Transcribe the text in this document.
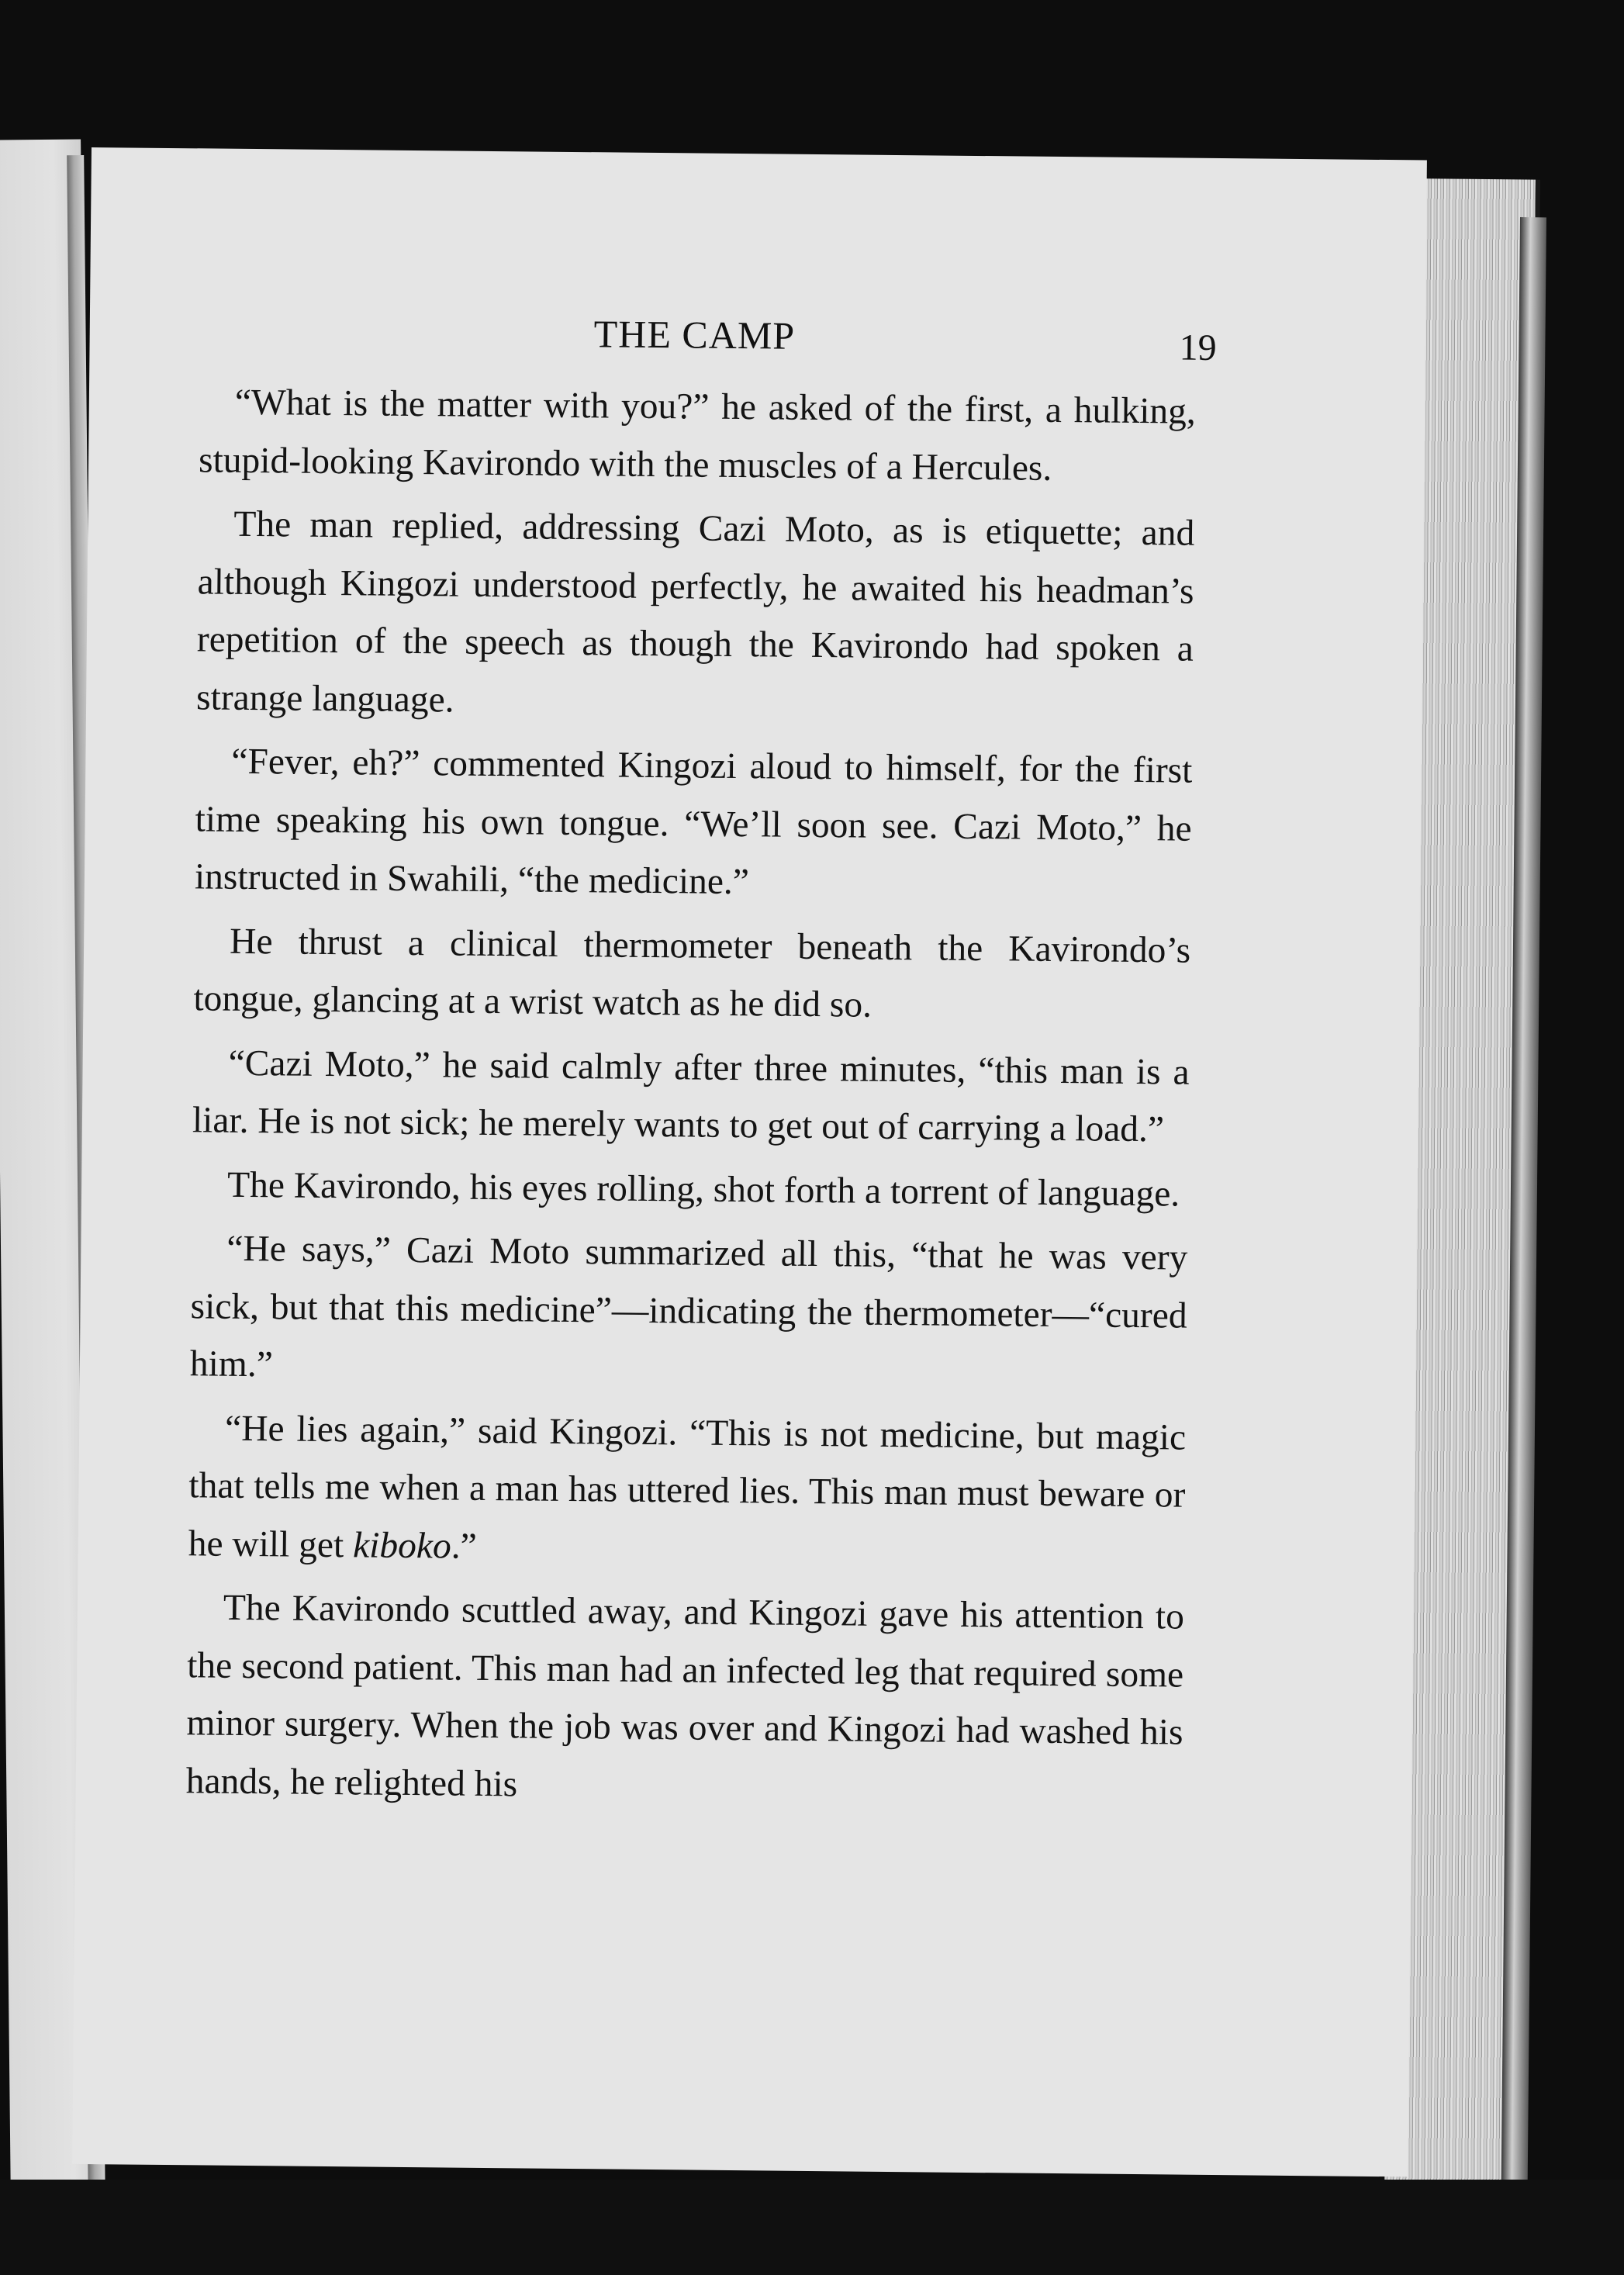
THE CAMP	19

“What is the matter with you?” he asked of the first, a hulking, stupid-looking Kavirondo with the muscles of a Hercules.

The man replied, addressing Cazi Moto, as is etiquette; and although Kingozi understood perfectly, he awaited his headman’s repetition of the speech as though the Kavirondo had spoken a strange language.

“Fever, eh?” commented Kingozi aloud to himself, for the first time speaking his own tongue. “We’ll soon see. Cazi Moto,” he instructed in Swahili, “the medicine.”

He thrust a clinical thermometer beneath the Kavirondo’s tongue, glancing at a wrist watch as he did so.

“Cazi Moto,” he said calmly after three minutes, “this man is a liar. He is not sick; he merely wants to get out of carrying a load.”

The Kavirondo, his eyes rolling, shot forth a torrent of language.

“He says,” Cazi Moto summarized all this, “that he was very sick, but that this medicine”—indicating the thermometer—“cured him.”

“He lies again,” said Kingozi. “This is not medicine, but magic that tells me when a man has uttered lies. This man must beware or he will get kiboko.”

The Kavirondo scuttled away, and Kingozi gave his attention to the second patient. This man had an infected leg that required some minor surgery. When the job was over and Kingozi had washed his hands, he relighted his
